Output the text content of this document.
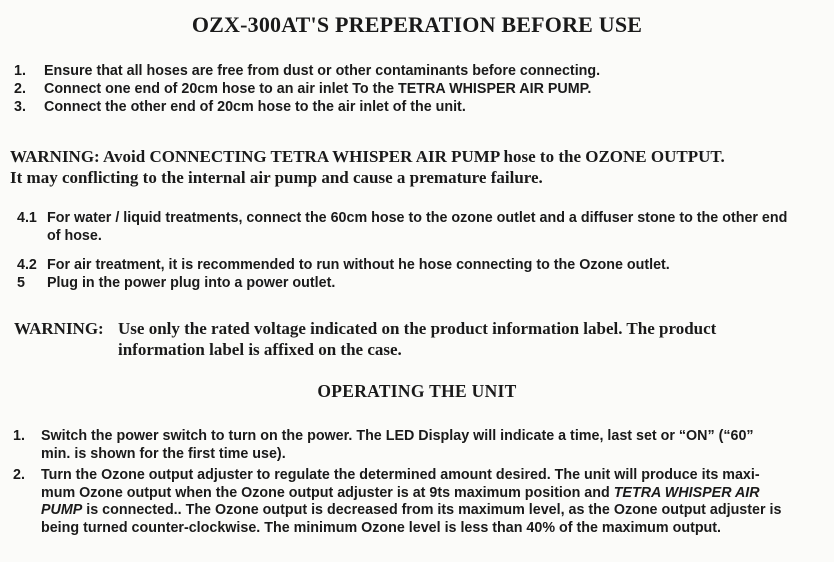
OZX-300AT'S PREPERATION BEFORE USE
1.	Ensure that all hoses are free from dust or other contaminants before connecting.
2.	Connect one end of 20cm hose to an air inlet To the TETRA WHISPER AIR PUMP.
3.	Connect the other end of 20cm hose to the air inlet of the unit.
WARNING: Avoid CONNECTING TETRA WHISPER AIR PUMP hose to the OZONE OUTPUT.
It may conflicting to the internal air pump and cause a premature failure.
4.1 For water / liquid treatments, connect the 60cm hose to the ozone outlet and a diffuser stone to the other end
of hose.
4.2 For air treatment, it is recommended to run without he hose connecting to the Ozone outlet.
5	Plug in the power plug into a power outlet.
WARNING: Use only the rated voltage indicated on the product information label. The product
information label is affixed on the case.
OPERATING THE UNIT
1.	Switch the power switch to turn on the power. The LED Display will indicate a time, last set or “ON” (“60”
min. is shown for the first time use).
2.	Turn the Ozone output adjuster to regulate the determined amount desired. The unit will produce its maxi-
mum Ozone output when the Ozone output adjuster is at 9ts maximum position and TETRA WHISPER AIR
PUMP is connected.. The Ozone output is decreased from its maximum level, as the Ozone output adjuster is
being turned counter-clockwise. The minimum Ozone level is less than 40% of the maximum output.
